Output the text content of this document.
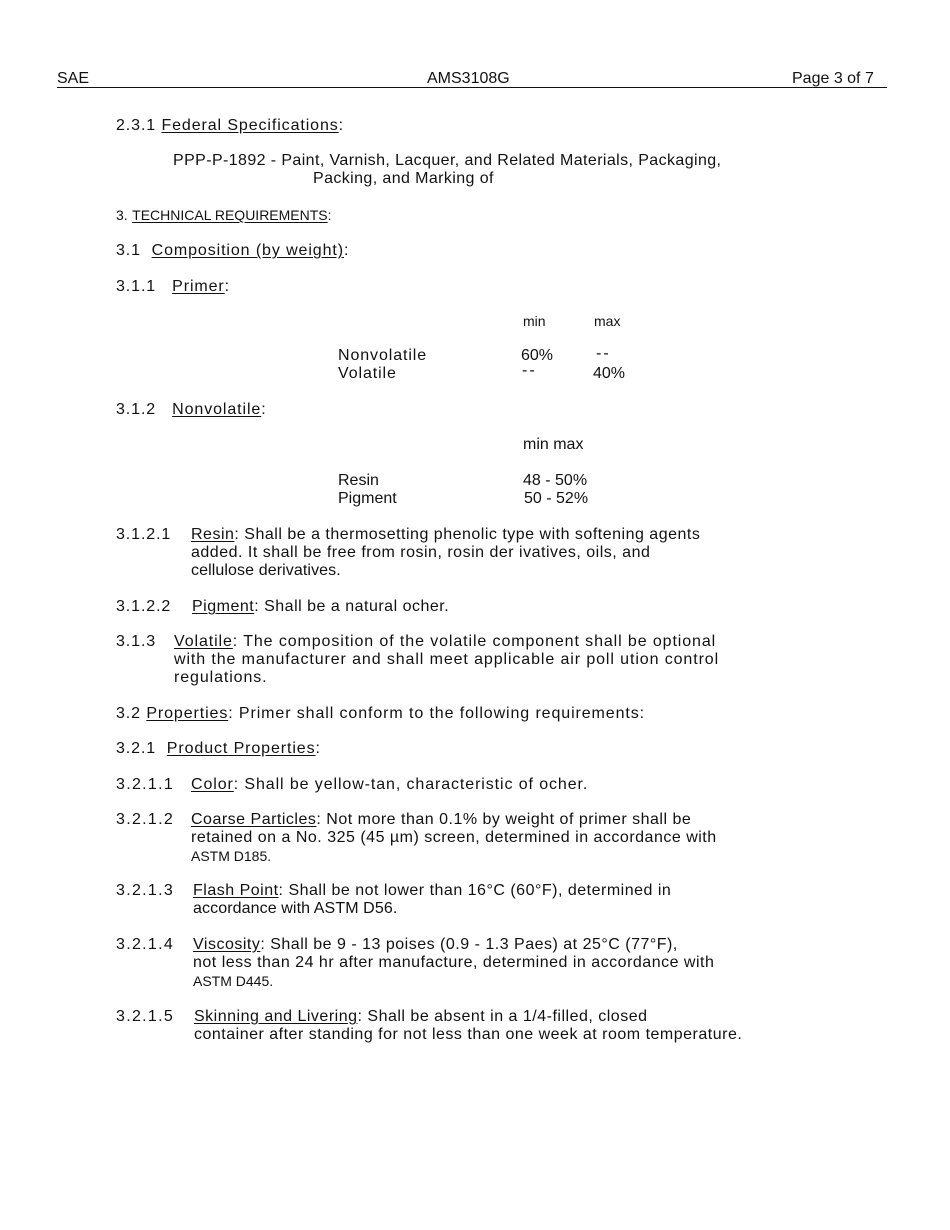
SAE	AMS3108G	Page 3 of 7
2.3.1 Federal Specifications:
PPP-P-1892 - Paint, Varnish, Lacquer, and Related Materials, Packaging,
Packing, and Marking of
3. TECHNICAL REQUIREMENTS:
3.1 Composition (by weight):
3.1.1 Primer:
min	max
Nonvolatile	60%	--
Volatile	--	40%
3.1.2 Nonvolatile:
min max
Resin	48 - 50%
Pigment	50 - 52%
3.1.2.1 Resin: Shall be a thermosetting phenolic type with softening agents
added. It shall be free from rosin, rosin der ivatives, oils, and
cellulose derivatives.
3.1.2.2 Pigment: Shall be a natural ocher.
3.1.3 Volatile: The composition of the volatile component shall be optional
with the manufacturer and shall meet applicable air poll ution control
regulations.
3.2 Properties: Primer shall conform to the following requirements:
3.2.1 Product Properties:
3.2.1.1 Color: Shall be yellow-tan, characteristic of ocher.
3.2.1.2 Coarse Particles: Not more than 0.1% by weight of primer shall be
retained on a No. 325 (45 µm) screen, determined in accordance with
ASTM D185.
3.2.1.3 Flash Point: Shall be not lower than 16°C (60°F), determined in
accordance with ASTM D56.
3.2.1.4 Viscosity: Shall be 9 - 13 poises (0.9 - 1.3 Paes) at 25°C (77°F),
not less than 24 hr after manufacture, determined in accordance with
ASTM D445.
3.2.1.5 Skinning and Livering: Shall be absent in a 1/4-filled, closed
container after standing for not less than one week at room temperature.
